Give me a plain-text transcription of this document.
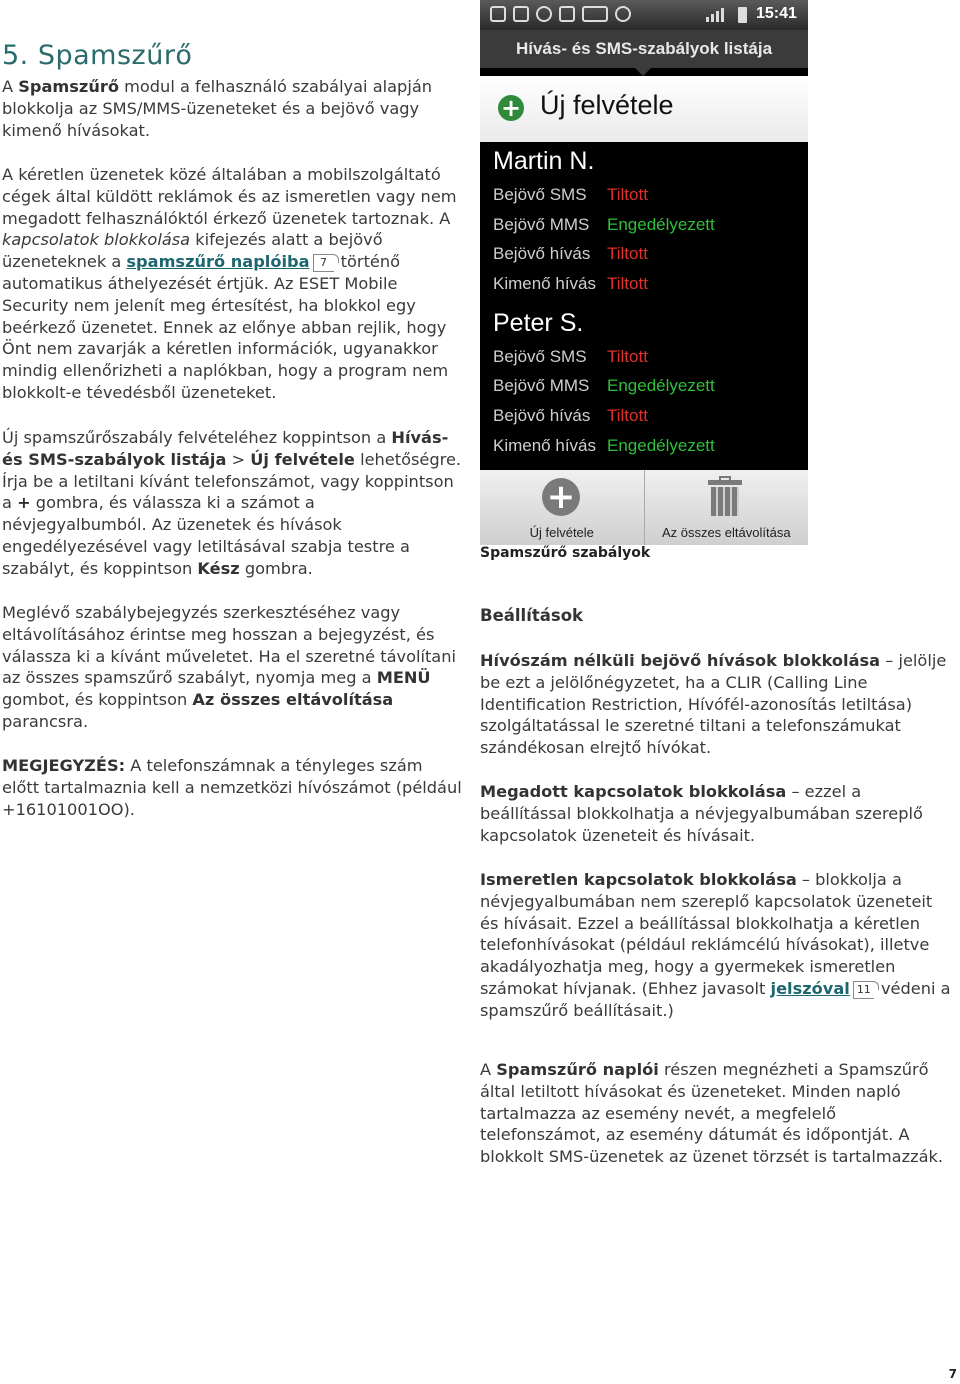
5. Spamszűrő

A Spamszűrő modul a felhasználó szabályai alapján blokkolja az SMS/MMS-üzeneteket és a bejövő vagy kimenő hívásokat.

A kéretlen üzenetek közé általában a mobilszolgáltató cégek által küldött reklámok és az ismeretlen vagy nem megadott felhasználóktól érkező üzenetek tartoznak. A kapcsolatok blokkolása kifejezés alatt a bejövő üzeneteknek a spamszűrő naplóiba 7 történő automatikus áthelyezését értjük. Az ESET Mobile Security nem jelenít meg értesítést, ha blokkol egy beérkező üzenetet. Ennek az előnye abban rejlik, hogy Önt nem zavarják a kéretlen információk, ugyanakkor mindig ellenőrizheti a naplókban, hogy a program nem blokkolt-e tévedésből üzeneteket.

Új spamszűrőszabály felvételéhez koppintson a Hívás- és SMS-szabályok listája > Új felvétele lehetőségre. Írja be a letiltani kívánt telefonszámot, vagy koppintson a + gombra, és válassza ki a számot a névjegyalbumból. Az üzenetek és hívások engedélyezésével vagy letiltásával szabja testre a szabályt, és koppintson Kész gombra.

Meglévő szabálybejegyzés szerkesztéséhez vagy eltávolításához érintse meg hosszan a bejegyzést, és válassza ki a kívánt műveletet. Ha el szeretné távolítani az összes spamszűrő szabályt, nyomja meg a MENÜ gombot, és koppintson Az összes eltávolítása parancsra.

MEGJEGYZÉS: A telefonszámnak a tényleges szám előtt tartalmaznia kell a nemzetközi hívószámot (például +16101001OO).

15:41
Hívás- és SMS-szabályok listája
+ Új felvétele
Martin N.
Bejövő SMS Tiltott
Bejövő MMS Engedélyezett
Bejövő hívás Tiltott
Kimenő hívás Tiltott
Peter S.
Bejövő SMS Tiltott
Bejövő MMS Engedélyezett
Bejövő hívás Tiltott
Kimenő hívás Engedélyezett
+
Új felvétele	Az összes eltávolítása
Spamszűrő szabályok
Beállítások

Hívószám nélküli bejövő hívások blokkolása – jelölje be ezt a jelölőnégyzetet, ha a CLIR (Calling Line Identification Restriction, Hívófél-azonosítás letiltása) szolgáltatással le szeretné tiltani a telefonszámukat szándékosan elrejtő hívókat.

Megadott kapcsolatok blokkolása – ezzel a beállítással blokkolhatja a névjegyalbumában szereplő kapcsolatok üzeneteit és hívásait.

Ismeretlen kapcsolatok blokkolása – blokkolja a névjegyalbumában nem szereplő kapcsolatok üzeneteit és hívásait. Ezzel a beállítással blokkolhatja a kéretlen telefonhívásokat (például reklámcélú hívásokat), illetve akadályozhatja meg, hogy a gyermekek ismeretlen számokat hívjanak. (Ehhez javasolt jelszóval 11 védeni a spamszűrő beállításait.)

A Spamszűrő naplói részen megnézheti a Spamszűrő által letiltott hívásokat és üzeneteket. Minden napló tartalmazza az esemény nevét, a megfelelő telefonszámot, az esemény dátumát és időpontját. A blokkolt SMS-üzenetek az üzenet törzsét is tartalmazzák.

7
